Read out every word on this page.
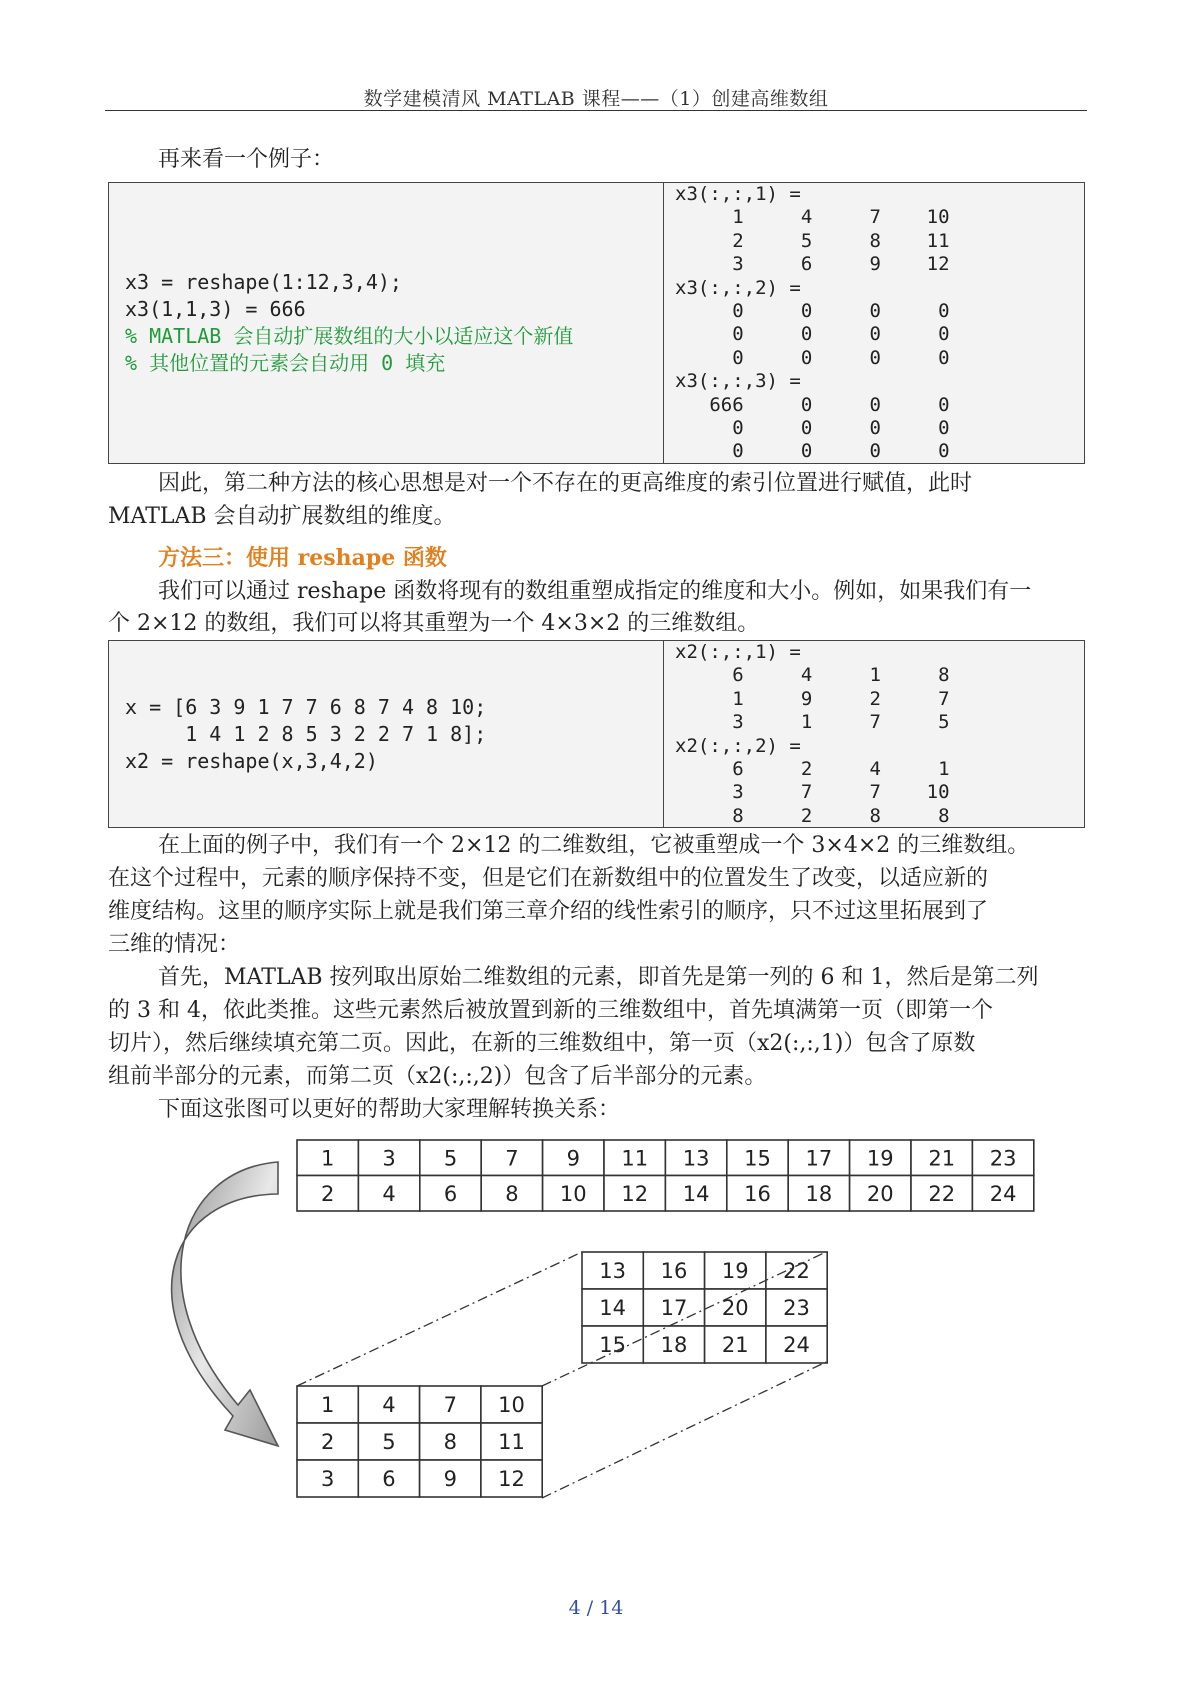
数学建模清风 MATLAB 课程——（1）创建高维数组

再来看一个例子：

x3 = reshape(1:12,3,4);
x3(1,1,3) = 666
% MATLAB 会自动扩展数组的大小以适应这个新值
% 其他位置的元素会自动用 0 填充
x3(:,:,1) =
1     4     7    10
2     5     8    11
3     6     9    12
x3(:,:,2) =
0     0     0     0
0     0     0     0
0     0     0     0
x3(:,:,3) =
666     0     0     0
0     0     0     0
0     0     0     0

因此，第二种方法的核心思想是对一个不存在的更高维度的索引位置进行赋值，此时

MATLAB 会自动扩展数组的维度。

方法三：使用 reshape 函数

我们可以通过 reshape 函数将现有的数组重塑成指定的维度和大小。例如，如果我们有一

个 2×12 的数组，我们可以将其重塑为一个 4×3×2 的三维数组。

x = [6 3 9 1 7 7 6 8 7 4 8 10;
1 4 1 2 8 5 3 2 2 7 1 8];
x2 = reshape(x,3,4,2)
x2(:,:,1) =
6     4     1     8
1     9     2     7
3     1     7     5
x2(:,:,2) =
6     2     4     1
3     7     7    10
8     2     8     8

在上面的例子中，我们有一个 2×12 的二维数组，它被重塑成一个 3×4×2 的三维数组。

在这个过程中，元素的顺序保持不变，但是它们在新数组中的位置发生了改变，以适应新的

维度结构。这里的顺序实际上就是我们第三章介绍的线性索引的顺序，只不过这里拓展到了

三维的情况：

首先，MATLAB 按列取出原始二维数组的元素，即首先是第一列的 6 和 1，然后是第二列

的 3 和 4，依此类推。这些元素然后被放置到新的三维数组中，首先填满第一页（即第一个

切片），然后继续填充第二页。因此，在新的三维数组中，第一页（x2(:,:,1)）包含了原数

组前半部分的元素，而第二页（x2(:,:,2)）包含了后半部分的元素。

下面这张图可以更好的帮助大家理解转换关系：

1 3 5 7 9 11 13 15 17 19 21 23
2 4 6 8 10 12 14 16 18 20 22 24
13 16 19 22
14 17 20 23
15 18 21 24
1 4 7 10
2 5 8 11
3 6 9 12
4 / 14
